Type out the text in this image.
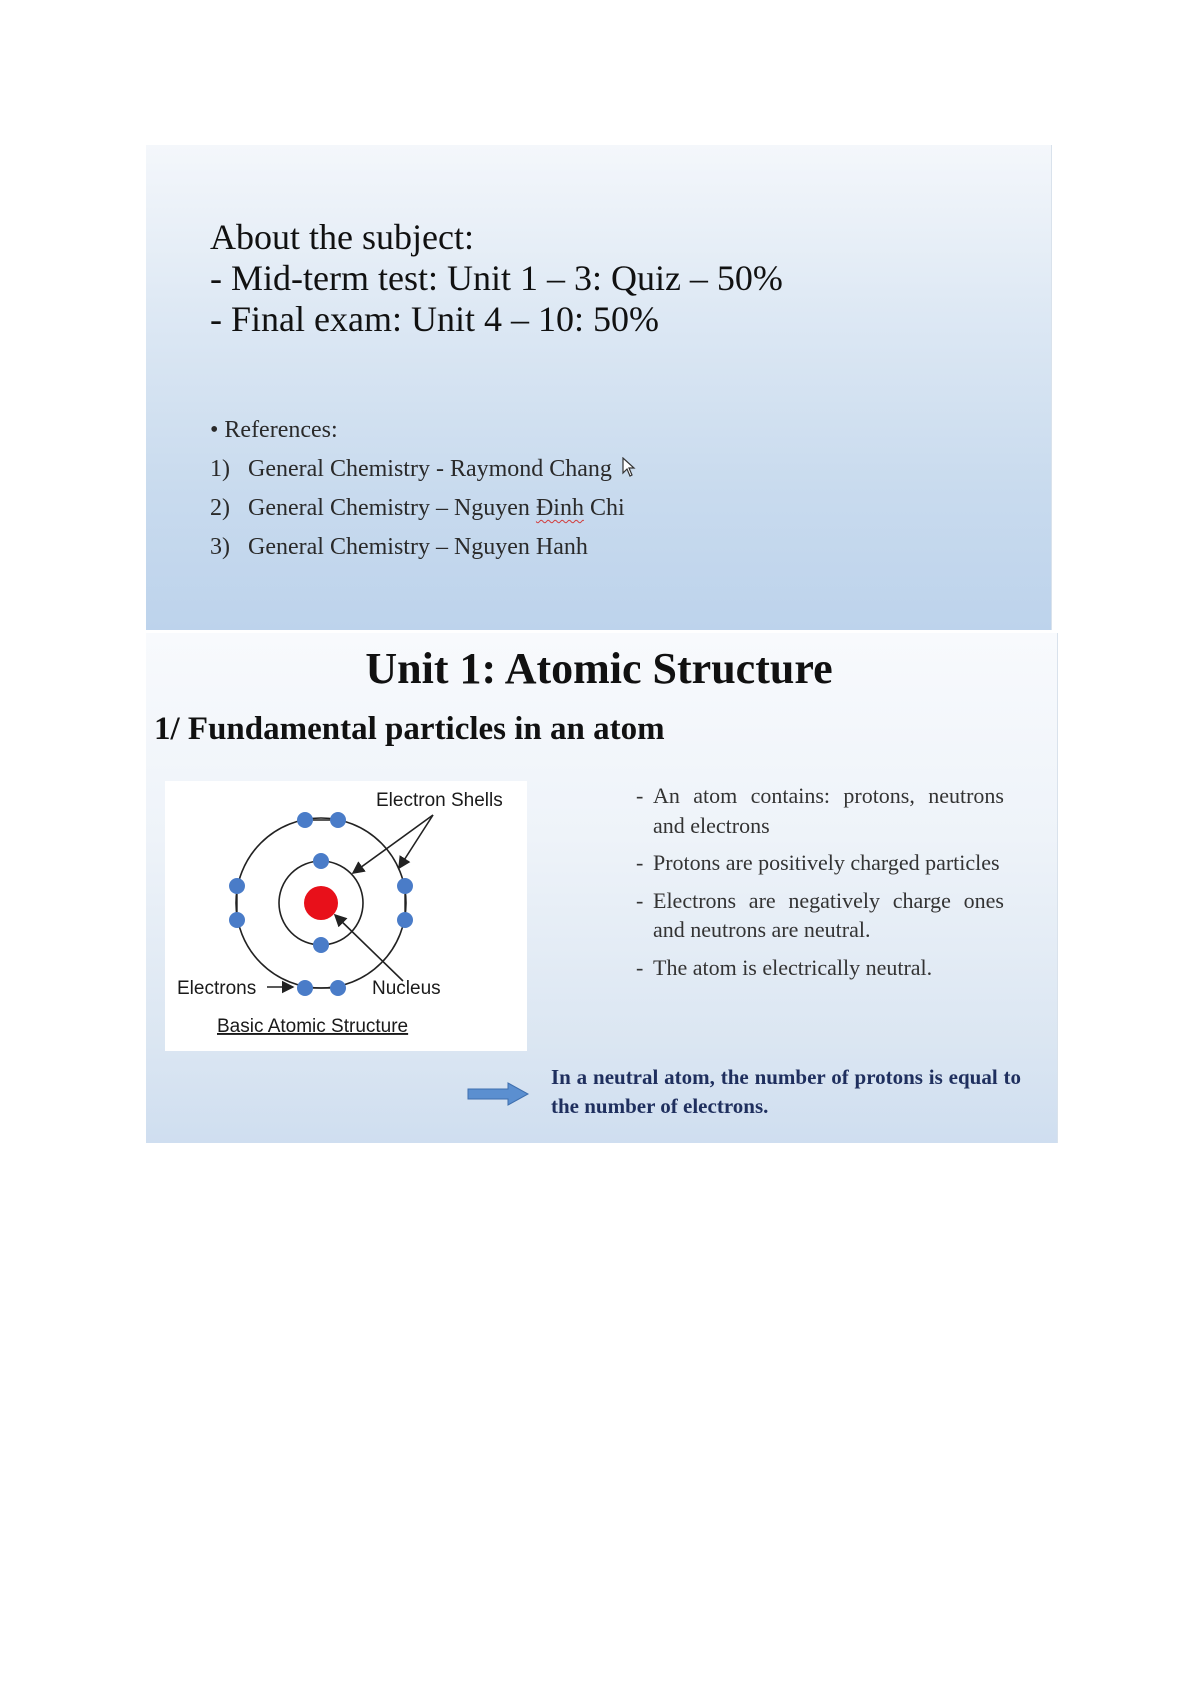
About the subject:
- Mid-term test: Unit 1 – 3: Quiz – 50%
- Final exam: Unit 4 – 10: 50%
• References:
1) General Chemistry - Raymond Chang
2) General Chemistry – Nguyen Đinh Chi
3) General Chemistry – Nguyen Hanh
Unit 1: Atomic Structure
1/ Fundamental particles in an atom
Electron Shells
Electrons	Nucleus
Basic Atomic Structure
- An atom contains: protons, neutrons and electrons
- Protons are positively charged particles
- Electrons are negatively charge ones and neutrons are neutral.
- The atom is electrically neutral.
In a neutral atom, the number of protons is equal to the number of electrons.
